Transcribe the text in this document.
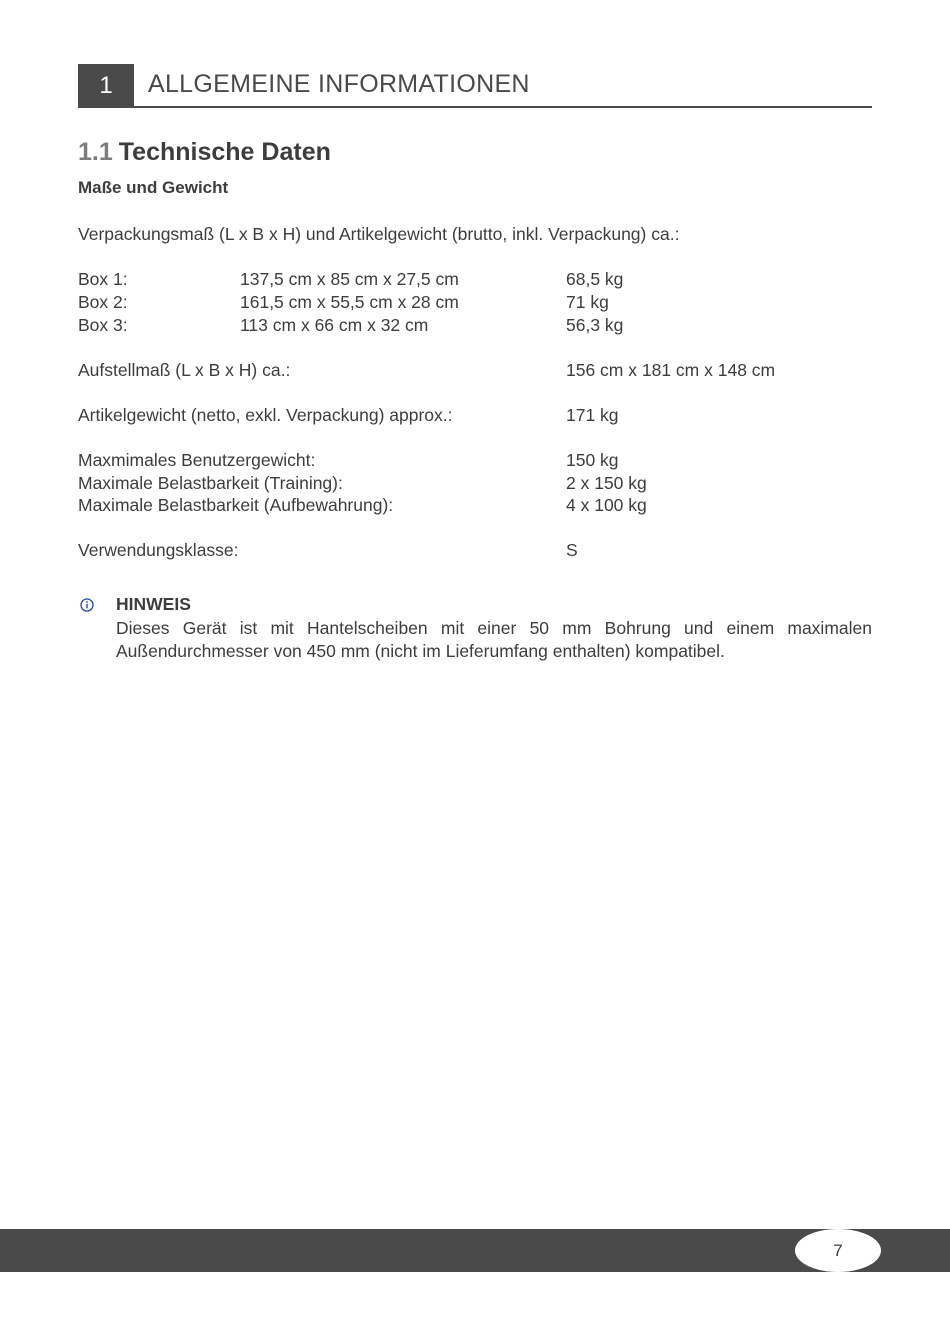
1	ALLGEMEINE INFORMATIONEN
1.1 Technische Daten
Maße und Gewicht
Verpackungsmaß (L x B x H) und Artikelgewicht (brutto, inkl. Verpackung) ca.:
Box 1:	137,5 cm x 85 cm x 27,5 cm	68,5 kg
Box 2:	161,5 cm x 55,5 cm x 28 cm	71 kg
Box 3:	113 cm x 66 cm x 32 cm	56,3 kg
Aufstellmaß (L x B x H) ca.:	156 cm x 181 cm x 148 cm
Artikelgewicht (netto, exkl. Verpackung) approx.:	171 kg
Maxmimales Benutzergewicht:	150 kg
Maximale Belastbarkeit (Training):	2 x 150 kg
Maximale Belastbarkeit (Aufbewahrung):	4 x 100 kg
Verwendungsklasse:	S
HINWEIS
Dieses Gerät ist mit Hantelscheiben mit einer 50 mm Bohrung und einem maximalen Außendurchmesser von 450 mm (nicht im Lieferumfang enthalten) kompatibel.
7
